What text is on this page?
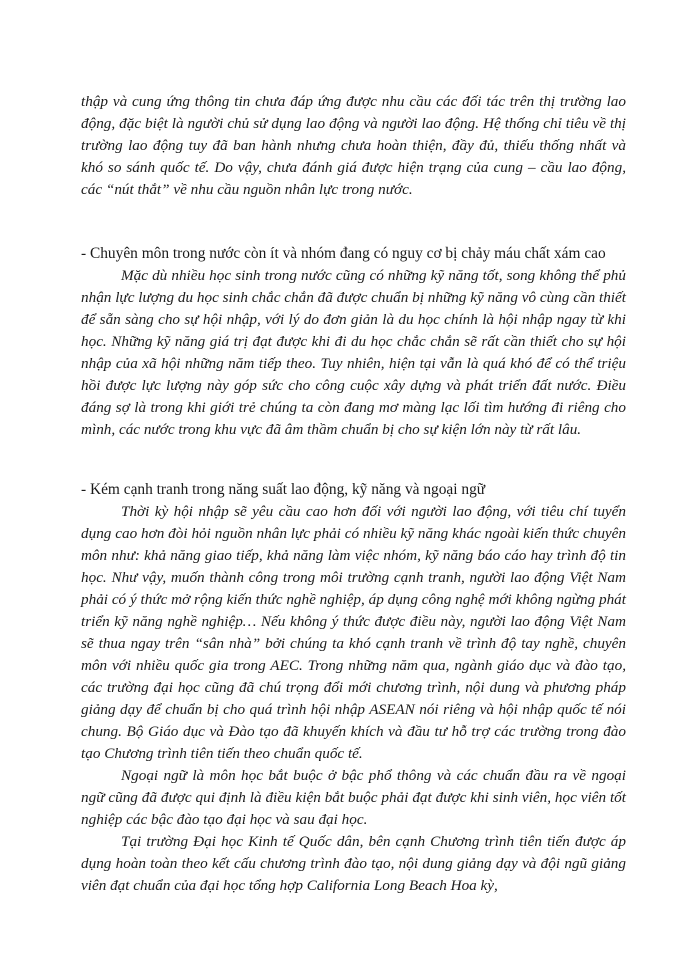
thập và cung ứng thông tin chưa đáp ứng được nhu cầu các đối tác trên thị trường lao động, đặc biệt là người chủ sử dụng lao động và người lao động. Hệ thống chỉ tiêu về thị trường lao động tuy đã ban hành nhưng chưa hoàn thiện, đầy đủ, thiếu thống nhất và khó so sánh quốc tế. Do vậy, chưa đánh giá được hiện trạng của cung – cầu lao động, các “nút thắt” về nhu cầu nguồn nhân lực trong nước.

- Chuyên môn trong nước còn ít và nhóm đang có nguy cơ bị chảy máu chất xám cao

Mặc dù nhiều học sinh trong nước cũng có những kỹ năng tốt, song không thể phủ nhận lực lượng du học sinh chắc chắn đã được chuẩn bị những kỹ năng vô cùng cần thiết để sẵn sàng cho sự hội nhập, với lý do đơn giản là du học chính là hội nhập ngay từ khi học. Những kỹ năng giá trị đạt được khi đi du học chắc chắn sẽ rất cần thiết cho sự hội nhập của xã hội những năm tiếp theo. Tuy nhiên, hiện tại vẫn là quá khó để có thể triệu hồi được lực lượng này góp sức cho công cuộc xây dựng và phát triển đất nước. Điều đáng sợ là trong khi giới trẻ chúng ta còn đang mơ màng lạc lối tìm hướng đi riêng cho mình, các nước trong khu vực đã âm thầm chuẩn bị cho sự kiện lớn này từ rất lâu.

- Kém cạnh tranh trong năng suất lao động, kỹ năng và ngoại ngữ

Thời kỳ hội nhập sẽ yêu cầu cao hơn đối với người lao động, với tiêu chí tuyển dụng cao hơn đòi hỏi nguồn nhân lực phải có nhiều kỹ năng khác ngoài kiến thức chuyên môn như: khả năng giao tiếp, khả năng làm việc nhóm, kỹ năng báo cáo hay trình độ tin học. Như vậy, muốn thành công trong môi trường cạnh tranh, người lao động Việt Nam phải có ý thức mở rộng kiến thức nghề nghiệp, áp dụng công nghệ mới không ngừng phát triển kỹ năng nghề nghiệp… Nếu không ý thức được điều này, người lao động Việt Nam sẽ thua ngay trên “sân nhà” bởi chúng ta khó cạnh tranh về trình độ tay nghề, chuyên môn với nhiều quốc gia trong AEC. Trong những năm qua, ngành giáo dục và đào tạo, các trường đại học cũng đã chú trọng đổi mới chương trình, nội dung và phương pháp giảng dạy để chuẩn bị cho quá trình hội nhập ASEAN nói riêng và hội nhập quốc tế nói chung. Bộ Giáo dục và Đào tạo đã khuyến khích và đầu tư hỗ trợ các trường trong đào tạo Chương trình tiên tiến theo chuẩn quốc tế.

Ngoại ngữ là môn học bắt buộc ở bậc phổ thông và các chuẩn đầu ra về ngoại ngữ cũng đã được qui định là điều kiện bắt buộc phải đạt được khi sinh viên, học viên tốt nghiệp các bậc đào tạo đại học và sau đại học.

Tại trường Đại học Kinh tế Quốc dân, bên cạnh Chương trình tiên tiến được áp dụng hoàn toàn theo kết cấu chương trình đào tạo, nội dung giảng dạy và đội ngũ giảng viên đạt chuẩn của đại học tổng hợp California Long Beach Hoa kỳ,
